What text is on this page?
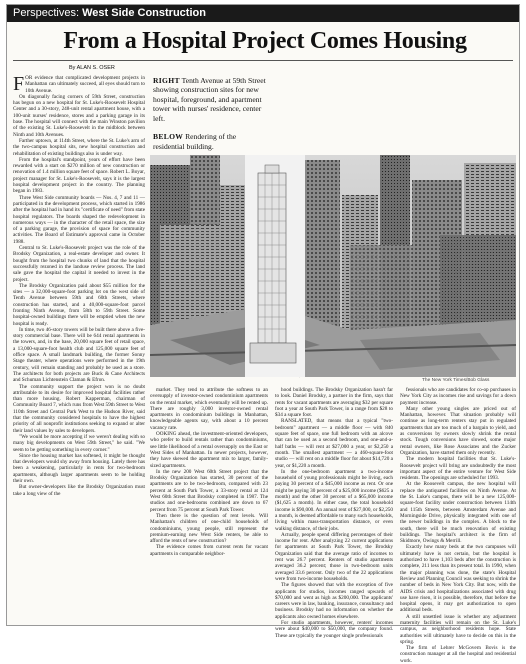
Perspectives: West Side Construction
From a Hospital Project Comes Housing
By ALAN S. OSER
F OR evidence that complicated development projects in Manhattan can ultimately succeed, all eyes should turn to 10th Avenue.

On diagonally facing corners of 59th Street, construction has begun on a new hospital for St. Luke's-Roosevelt Hospital Center and a 30-story, 248-unit rental apartment house, with a 100-unit nurses' residence, stores and a parking garage in its base. The hospital will connect with the main Winston pavilion of the existing St. Luke's-Roosevelt in the midblock between Ninth and 10th Avenues.

Farther uptown, at 114th Street, where the St. Luke's arm of the two-campus hospital sits, new hospital construction and rehabilitation of existing buildings also is under way.

From the hospital's standpoint, years of effort have been rewarded with a start on $270 million of new construction or renovation of 1.4 million square feet of space. Robert L. Boyar, project manager for St. Luke's-Roosevelt, says it is the largest hospital development project in the country. The planning began in 1983.

Three West Side community boards — Nos. 4, 7 and 11 — participated in the development process, which started in 1986 after the hospital had in hand its "certificate of need" from state hospital regulators. The boards shaped the redevelopment in numerous ways — in the character of the retail space, the size of a parking garage, the provision of space for community activities. The Board of Estimate's approval came in October 1988.

Central to St. Luke's-Roosevelt project was the role of the Brodsky Organization, a real-estate developer and owner. It bought from the hospital two chunks of land that the hospital successfully rezoned in the landuse review process. The land sale gave the hospital the capital it needed to invest in the project.

The Brodsky Organization paid about $55 million for the sites — a 32,000-square-foot parking lot on the west side of Tenth Avenue between 59th and 60th Streets, where construction has started, and a 40,000-square-foot parcel fronting Ninth Avenue, from 58th to 59th Street. Some hospital-owned buildings there will be emptied when the new hospital is ready.

In time, two 46-story towers will be built there above a five-story commercial base. There will be 644 rental apartments in the towers, and, in the base, 20,000 square feet of retail space, a 13,000-square-foot health club and 125,000 square feet of office space. A small landmark building, the former Sonny Stage theater, where operations were performed in the 19th century, will remain standing and probably be used as a store. The architects for both projects are Buck & Cane Architects and Schuman Lichtenstein Claman & Efron.

The community support the project won is no doubt attributable to its desire for improved hospital facilities rather than more housing. Robert Kapperman, chairman of Community Board 7, which runs from West 59th Street to West 110th Street and Central Park West to the Hudson River, said that the community considered hospitals to have the highest priority of all nonprofit institutions seeking to expand or alter their land values by sales to developers.

"We would be more accepting if we weren't dealing with so many big developments on West 59th Street," he said. "We seem to be getting something in every corner."

Since the housing market has softened, it might be thought that developers would shy away from housing. Lately there has been a weakening, particularly in rents for two-bedroom apartments, although larger apartments seem to be holding their own.

But owner-developers like the Brodsky Organization must take a long view of the

RIGHT Tenth Avenue at 59th Street showing construction sites for new hospital, foreground, and apartment tower with nurses' residence, center left.

BELOW Rendering of the residential building.
The New York Times/Bob Glass

market. They tend to attribute the softness to an oversupply of investor-owned condominium apartments on the rental market, which eventually will be rented up. There are roughly 3,000 investor-owned rental apartments in condominium buildings in Manhattan, knowledgeable agents say, with about a 10 percent vacancy rate.

OOKING ahead, the investment-oriented developers, who prefer to build rentals rather than condominiums, see little likelihood of a rental oversupply on the East or West Sides of Manhattan. In newer projects, however, they have skewed the apartment mix to larger, family-sized apartments.

In the new 200 West 60th Street project that the Brodsky Organization has started, 30 percent of the apartments are to be two-bedroom, compared with 23 percent at South Park Tower, a 33-story rental at 124 West 60th Street that Brodsky completed in 1987. The studios and one-bedrooms combined are down to 67 percent from 75 percent at South Park Tower.

Then there is the question of rent levels. Will Manhattan's children of one-child households of condominiums, young people, still represent the premium-earning new West Side renters, be able to afford the rents of new construction?

The evidence comes from current rents for vacant apartments in comparable neighbor-

hood buildings. The Brodsky Organization hasn't far to look. Daniel Brodsky, a partner in the firm, says that rents for vacant apartments are averaging $32 per square foot a year at South Park Tower, in a range from $28 to $34 a square foot.

RANSLATED, that means that a typical "two-bedroom" apartment — a middle floor — with 840 square feet of space, one full bedroom with an alcove that can be used as a second bedroom, and one-and-a-half baths — will rent at $27,000 a year, or $2,250 a month. The smallest apartment — a 460-square-foot studio — will rent on a middle floor for about $14,720 a year, or $1,220 a month.

In the one-bedroom apartment a two-income household of young professionals might be living, each paying 30 percent of a $45,000 income as rent. Or one might be paying 30 percent of a $25,000 income ($625 a month) and the other 30 percent of a $65,000 income ($1,625 a month). In either case, the total household income is $90,000. An annual rent of $27,000, or $2,250 a month, is deemed affordable to many such households, living within mass-transportation distance, or even walking distance, of their jobs.

Actually, people spend differing percentages of their income for rent. After analyzing 22 current applications for apartments at South Park Tower, the Brodsky Organization said that the average ratio of incomes to rent was 26.7 percent. Renters of studio apartments averaged 36.2 percent; those in two-bedroom units averaged 33.6 percent. Only two of the 22 applications were from two-income households.

The figures showed that with the exception of five applicants for studios, incomes ranged upwards of $70,000 and went as high as $200,000. The applicants' careers were in law, banking, insurance, consultancy and business. Brodsky had no information on whether the applicants also owned homes elsewhere.

For studio apartments, however, renters' incomes were about $40,000 to $50,000, the company found. These are typically the younger single professionals

fessionals who are candidates for co-op purchases in New York City as incomes rise and savings for a down payment increase.

Many other young singles are priced out of Manhattan, however. That situation probably will continue as long-term renters stay put in regulated apartments that are too much of a bargain to yield, and as conversions by owners slowly shrink the rental stock. Tough conversions have slowed, some major rental owners, like Rose Associates and the Zucker Organization, have started them only recently.

The modern hospital facilities that St. Luke's-Roosevelt project will bring are undoubtedly the most important aspect of the entire venture for West Side residents. The openings are scheduled for 1993.

At the Roosevelt campus, the new hospital will replace the antiquated facilities on Ninth Avenue. At the St. Luke's campus, there will be a new 125,000-square-foot facility under construction between 114th and 115th Streets, between Amsterdam Avenue and Morningside Drive, physically integrated with one of the newer buildings in the complex. A block to the south, there will be much renovation of existing buildings. The hospital's architect is the firm of Skidmore, Owings & Merrill.

Exactly how many beds at the two campuses will ultimately have is not certain, but the hospital is authorized to have 1,103 beds after the construction is complete, 211 less than its present total. In 1990, when the major planning was done, the state's Hospital Review and Planning Council was seeking to shrink the number of beds in New York City. But now, with the AIDS crisis and hospitalizations associated with drug use have risen, it is possible, therefore, that before the hospital opens, it may get authorization to open additional beds.

A still unsettled issue is whether any adjustment maternity facilities will remain on the St. Luke's campus, as neighborhood residents hope. State authorities will ultimately have to decide on this in the spring.

The firm of Lehrer McGovern Bovis is the construction manager at all the hospital and residential work.
